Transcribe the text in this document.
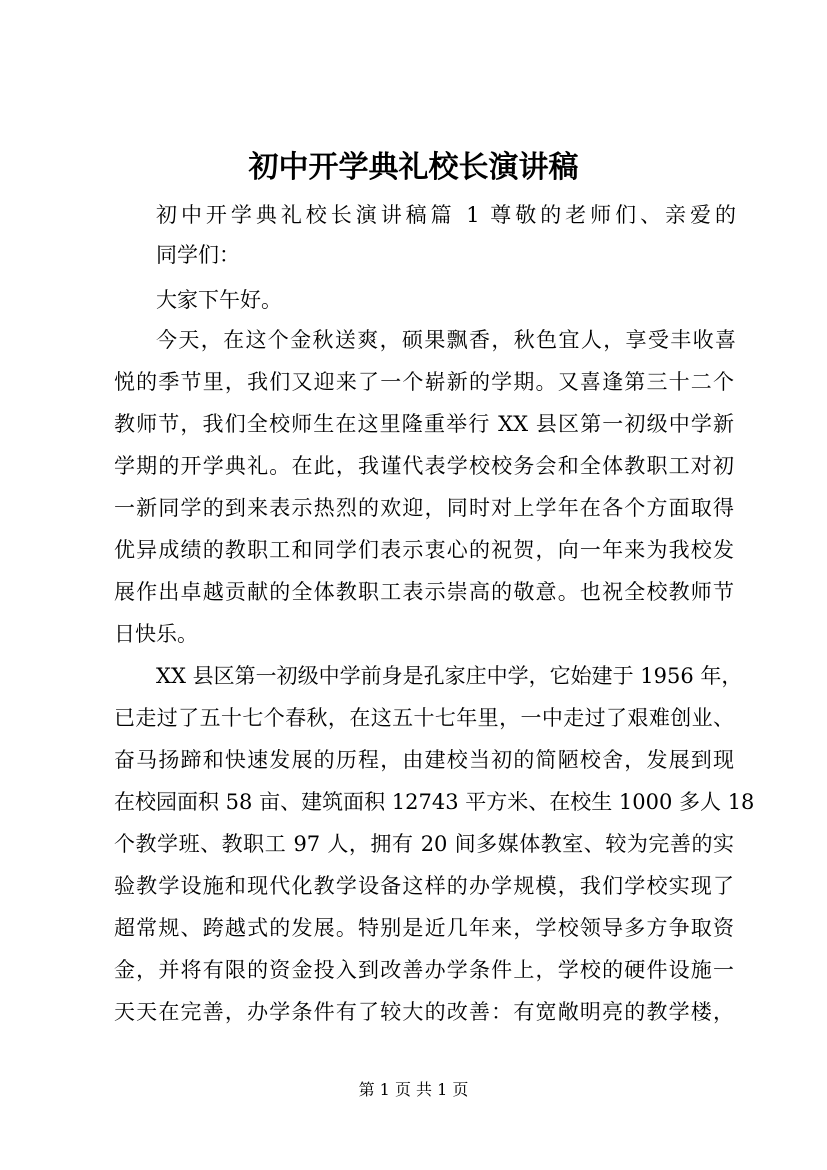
初中开学典礼校长演讲稿

初中开学典礼校长演讲稿篇 1 尊敬的老师们、亲爱的

同学们：

大家下午好。

今天，在这个金秋送爽，硕果飘香，秋色宜人，享受丰收喜

悦的季节里，我们又迎来了一个崭新的学期。又喜逢第三十二个

教师节，我们全校师生在这里隆重举行 XX 县区第一初级中学新

学期的开学典礼。在此，我谨代表学校校务会和全体教职工对初

一新同学的到来表示热烈的欢迎，同时对上学年在各个方面取得

优异成绩的教职工和同学们表示衷心的祝贺，向一年来为我校发

展作出卓越贡献的全体教职工表示崇高的敬意。也祝全校教师节

日快乐。

XX 县区第一初级中学前身是孔家庄中学，它始建于 1956 年，

已走过了五十七个春秋，在这五十七年里，一中走过了艰难创业、

奋马扬蹄和快速发展的历程，由建校当初的简陋校舍，发展到现

在校园面积 58 亩、建筑面积 12743 平方米、在校生 1000 多人 18

个教学班、教职工 97 人，拥有 20 间多媒体教室、较为完善的实

验教学设施和现代化教学设备这样的办学规模，我们学校实现了

超常规、跨越式的发展。特别是近几年来，学校领导多方争取资

金，并将有限的资金投入到改善办学条件上，学校的硬件设施一

天天在完善，办学条件有了较大的改善：有宽敞明亮的教学楼，

第 1 页 共 1 页
